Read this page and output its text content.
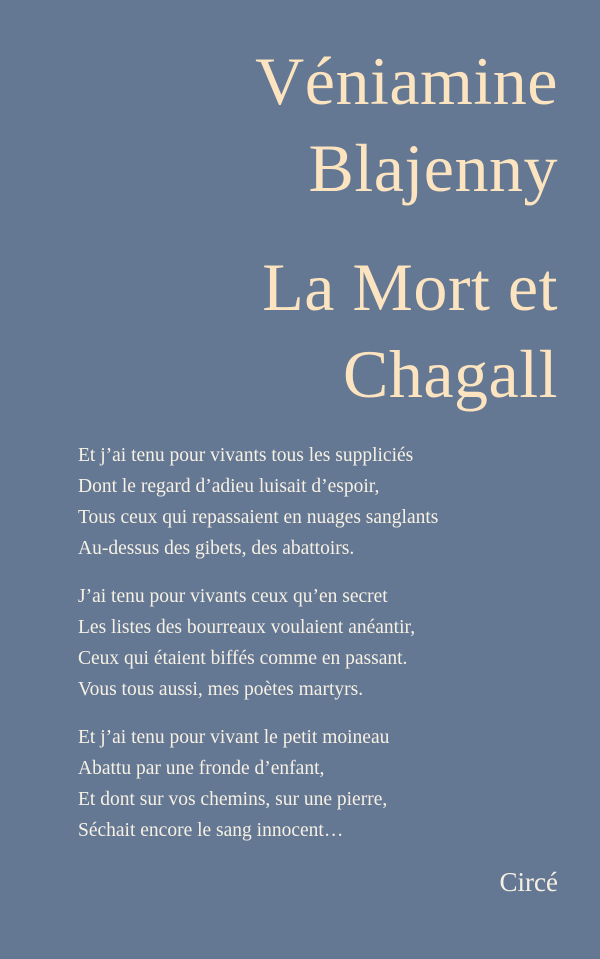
Véniamine
Blajenny
La Mort et
Chagall
Et j’ai tenu pour vivants tous les suppliciés
Dont le regard d’adieu luisait d’espoir,
Tous ceux qui repassaient en nuages sanglants
Au-dessus des gibets, des abattoirs.
J’ai tenu pour vivants ceux qu’en secret
Les listes des bourreaux voulaient anéantir,
Ceux qui étaient biffés comme en passant.
Vous tous aussi, mes poètes martyrs.
Et j’ai tenu pour vivant le petit moineau
Abattu par une fronde d’enfant,
Et dont sur vos chemins, sur une pierre,
Séchait encore le sang innocent…
Circé
